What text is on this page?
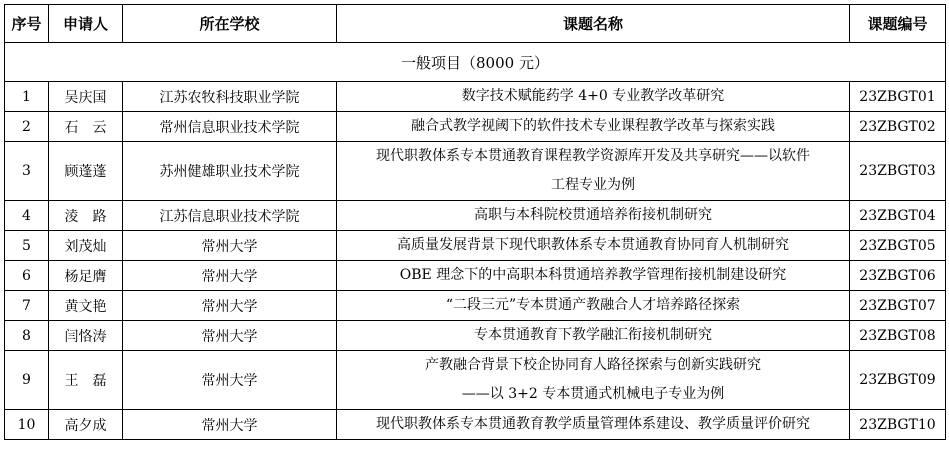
序号	申请人	所在学校	课题名称	课题编号
一般项目（8000 元）				
1	吴庆国	江苏农牧科技职业学院	数字技术赋能药学 4+0 专业教学改革研究	23ZBGT01
2	石　云	常州信息职业技术学院	融合式教学视阈下的软件技术专业课程教学改革与探索实践	23ZBGT02
3	顾蓬蓬	苏州健雄职业技术学院	现代职教体系专本贯通教育课程教学资源库开发及共享研究——以软件
工程专业为例	23ZBGT03
4	淩　路	江苏信息职业技术学院	高职与本科院校贯通培养衔接机制研究	23ZBGT04
5	刘茂灿	常州大学	高质量发展背景下现代职教体系专本贯通教育协同育人机制研究	23ZBGT05
6	杨足膺	常州大学	OBE 理念下的中高职本科贯通培养教学管理衔接机制建设研究	23ZBGT06
7	黄文艳	常州大学	“二段三元”专本贯通产教融合人才培养路径探索	23ZBGT07
8	闫恪涛	常州大学	专本贯通教育下教学融汇衔接机制研究	23ZBGT08
9	王　磊	常州大学	产教融合背景下校企协同育人路径探索与创新实践研究
——以 3+2 专本贯通式机械电子专业为例	23ZBGT09
10	高夕成	常州大学	现代职教体系专本贯通教育教学质量管理体系建设、教学质量评价研究	23ZBGT10
